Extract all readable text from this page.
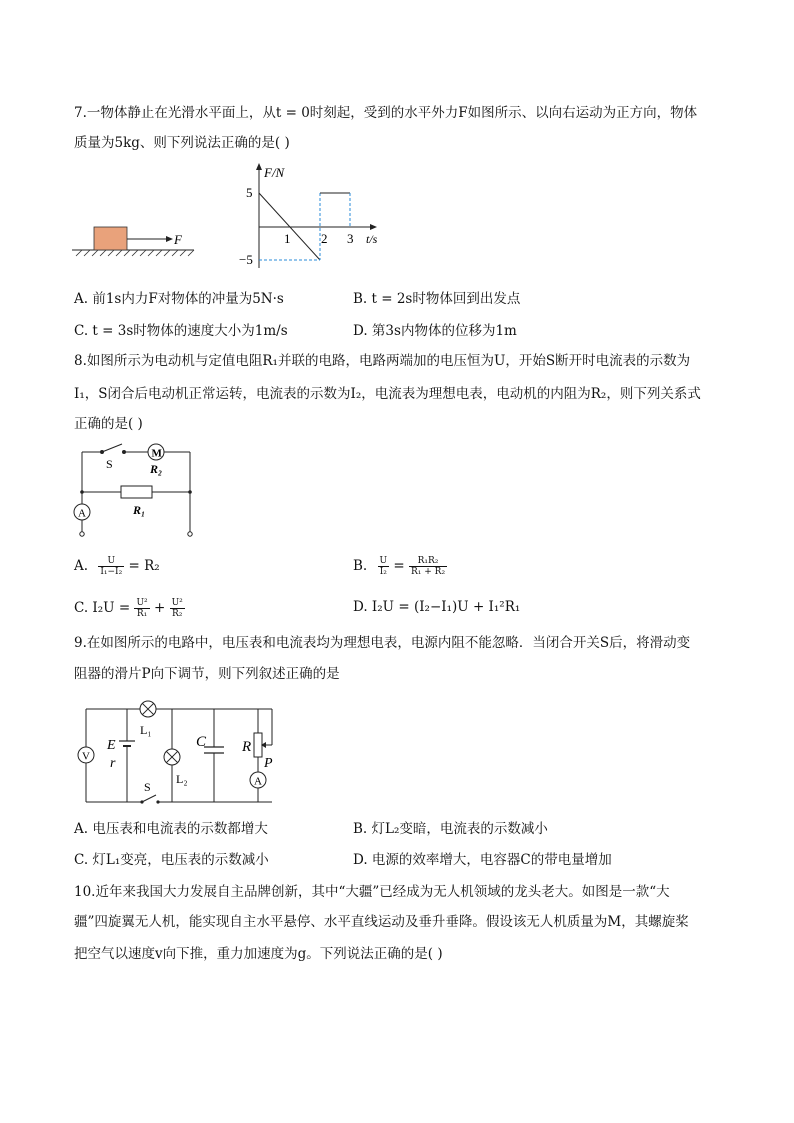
7.一物体静止在光滑水平面上，从t = 0时刻起，受到的水平外力F如图所示、以向右运动为正方向，物体
质量为5kg、则下列说法正确的是( )
F
F/N
t/s
5
−5
1 2 3
A. 前1s内力F对物体的冲量为5N·s	B. t = 2s时物体回到出发点
C. t = 3s时物体的速度大小为1m/s	D. 第3s内物体的位移为1m
8.如图所示为电动机与定值电阻R₁并联的电路，电路两端加的电压恒为U，开始S断开时电流表的示数为
I₁，S闭合后电动机正常运转，电流表的示数为I₂，电流表为理想电表，电动机的内阻为R₂，则下列关系式
正确的是( )
M
S	R₂
R₁
A
A. $\frac{U}{\text{I₁−I₂}} = R_2$	B. $\frac{U}{\text{I₂}} = \frac{\text{R₁R₂}}{\text{R₁ + R₂}}$
C. $I_2U = \frac{\text{U²}}{\text{R₁}} + \frac{\text{U²}}{\text{R₂}}$	D. I₂U = (I₂−I₁)U + I₁²R₁
9.在如图所示的电路中，电压表和电流表均为理想电表，电源内阻不能忽略．当闭合开关S后，将滑动变
阻器的滑片P向下调节，则下列叙述正确的是
L₁
V
E
r
S
L₂
C
A
R
P
A. 电压表和电流表的示数都增大	B. 灯L₂变暗，电流表的示数减小
C. 灯L₁变亮，电压表的示数减小	D. 电源的效率增大，电容器C的带电量增加
10.近年来我国大力发展自主品牌创新，其中“大疆”已经成为无人机领域的龙头老大。如图是一款“大
疆”四旋翼无人机，能实现自主水平悬停、水平直线运动及垂升垂降。假设该无人机质量为M，其螺旋桨
把空气以速度v向下推，重力加速度为g。下列说法正确的是( )
